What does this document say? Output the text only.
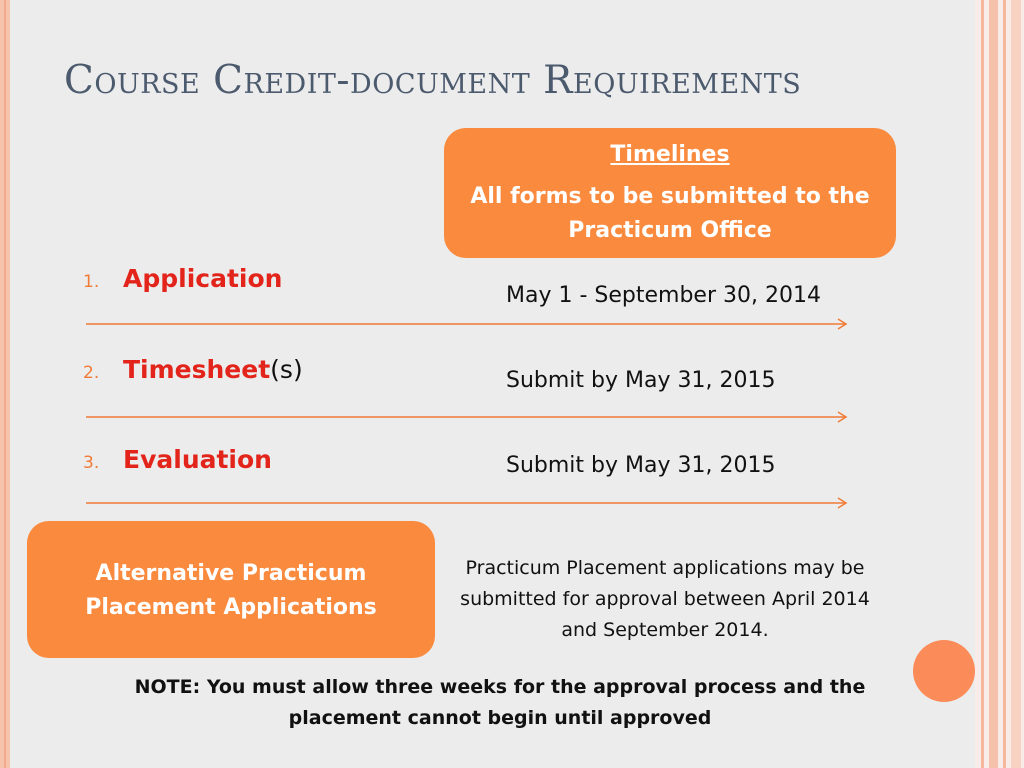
Course Credit-document Requirements
Timelines
All forms to be submitted to the Practicum Office
1. Application
May 1 - September 30, 2014
2. Timesheet(s)	Submit by May 31, 2015
3. Evaluation	Submit by May 31, 2015
Alternative Practicum Placement Applications
Practicum Placement applications may be submitted for approval between April 2014 and September 2014.
NOTE: You must allow three weeks for the approval process and the placement cannot begin until approved
